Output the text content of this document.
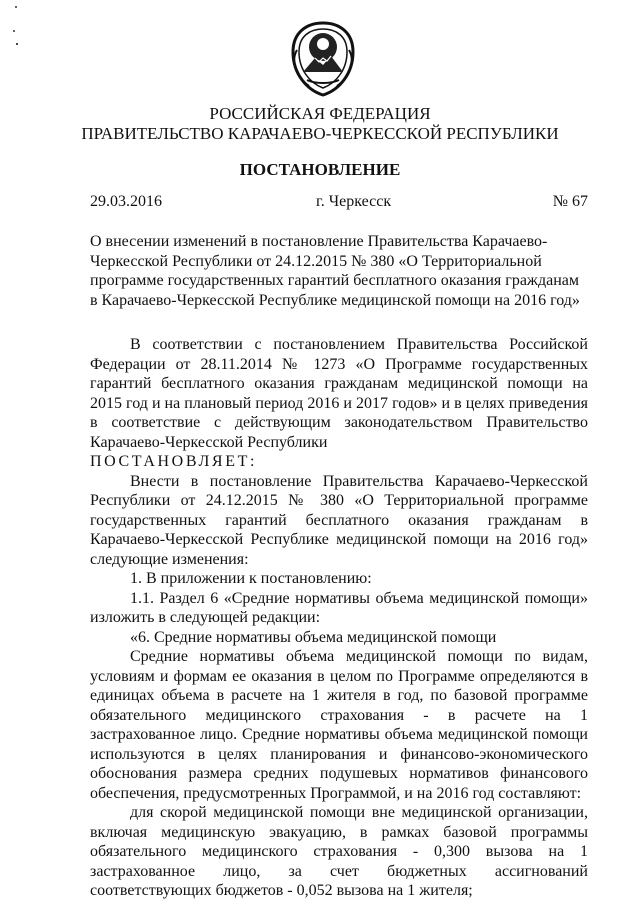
РОССИЙСКАЯ ФЕДЕРАЦИЯ
ПРАВИТЕЛЬСТВО КАРАЧАЕВО-ЧЕРКЕССКОЙ РЕСПУБЛИКИ
ПОСТАНОВЛЕНИЕ
29.03.2016	г. Черкесск	№ 67
О внесении изменений в постановление Правительства Карачаево-Черкесской Республики от 24.12.2015 № 380 «О Территориальной программе государственных гарантий бесплатного оказания гражданам в Карачаево-Черкесской Республике медицинской помощи на 2016 год»

В соответствии с постановлением Правительства Российской Федерации от 28.11.2014 № 1273 «О Программе государственных гарантий бесплатного оказания гражданам медицинской помощи на 2015 год и на плановый период 2016 и 2017 годов» и в целях приведения в соответствие с действующим законодательством Правительство Карачаево-Черкесской Республики

ПОСТАНОВЛЯЕТ:

Внести в постановление Правительства Карачаево-Черкесской Республики от 24.12.2015 № 380 «О Территориальной программе государственных гарантий бесплатного оказания гражданам в Карачаево-Черкесской Республике медицинской помощи на 2016 год» следующие изменения:

1. В приложении к постановлению:

1.1. Раздел 6 «Средние нормативы объема медицинской помощи» изложить в следующей редакции:

«6. Средние нормативы объема медицинской помощи

Средние нормативы объема медицинской помощи по видам, условиям и формам ее оказания в целом по Программе определяются в единицах объема в расчете на 1 жителя в год, по базовой программе обязательного медицинского страхования - в расчете на 1 застрахованное лицо. Средние нормативы объема медицинской помощи используются в целях планирования и финансово-экономического обоснования размера средних подушевых нормативов финансового обеспечения, предусмотренных Программой, и на 2016 год составляют:

для скорой медицинской помощи вне медицинской организации, включая медицинскую эвакуацию, в рамках базовой программы обязательного медицинского страхования - 0,300 вызова на 1 застрахованное лицо, за счет бюджетных ассигнований соответствующих бюджетов - 0,052 вызова на 1 жителя;
